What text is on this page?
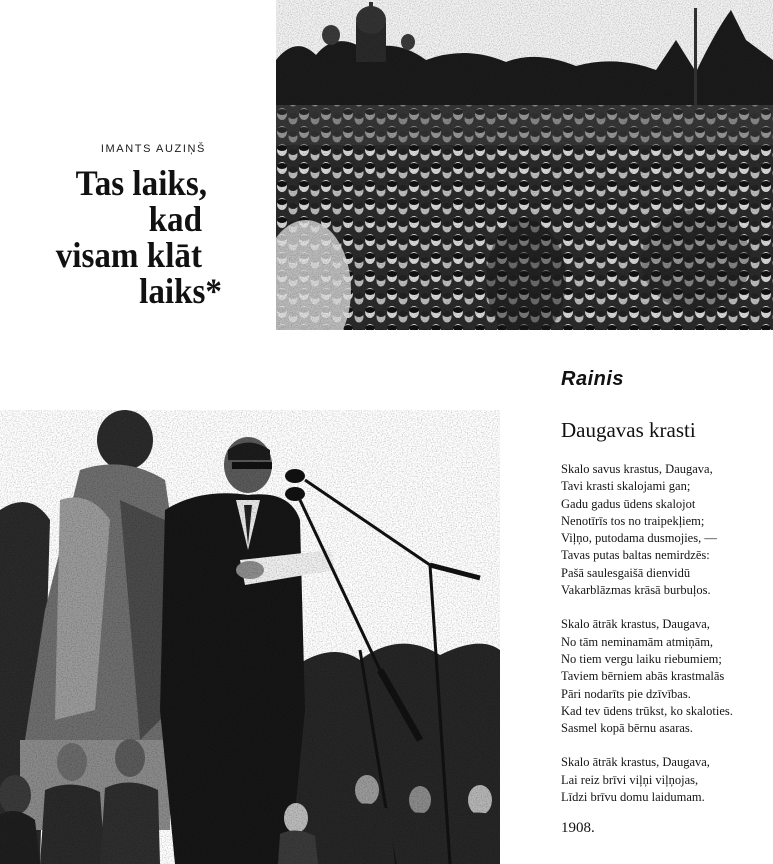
IMANTS AUZIŅŠ
Tas laiks,
kad
visam klāt
laiks*
Rainis
Daugavas krasti
Skalo savus krastus, Daugava,
Tavi krasti skalojami gan;
Gadu gadus ūdens skalojot
Nenotīrīs tos no traipekļiem;
Viļņo, putodama dusmojies, —
Tavas putas baltas nemirdzēs:
Pašā saulesgaišā dienvidū
Vakarblāzmas krāsā burbuļos.
Skalo ātrāk krastus, Daugava,
No tām neminamām atmiņām,
No tiem vergu laiku riebumiem;
Taviem bērniem abās krastmalās
Pāri nodarīts pie dzīvības.
Kad tev ūdens trūkst, ko skaloties.
Sasmel kopā bērnu asaras.
Skalo ātrāk krastus, Daugava,
Lai reiz brīvi viļņi viļņojas,
Līdzi brīvu domu laidumam.
1908.
